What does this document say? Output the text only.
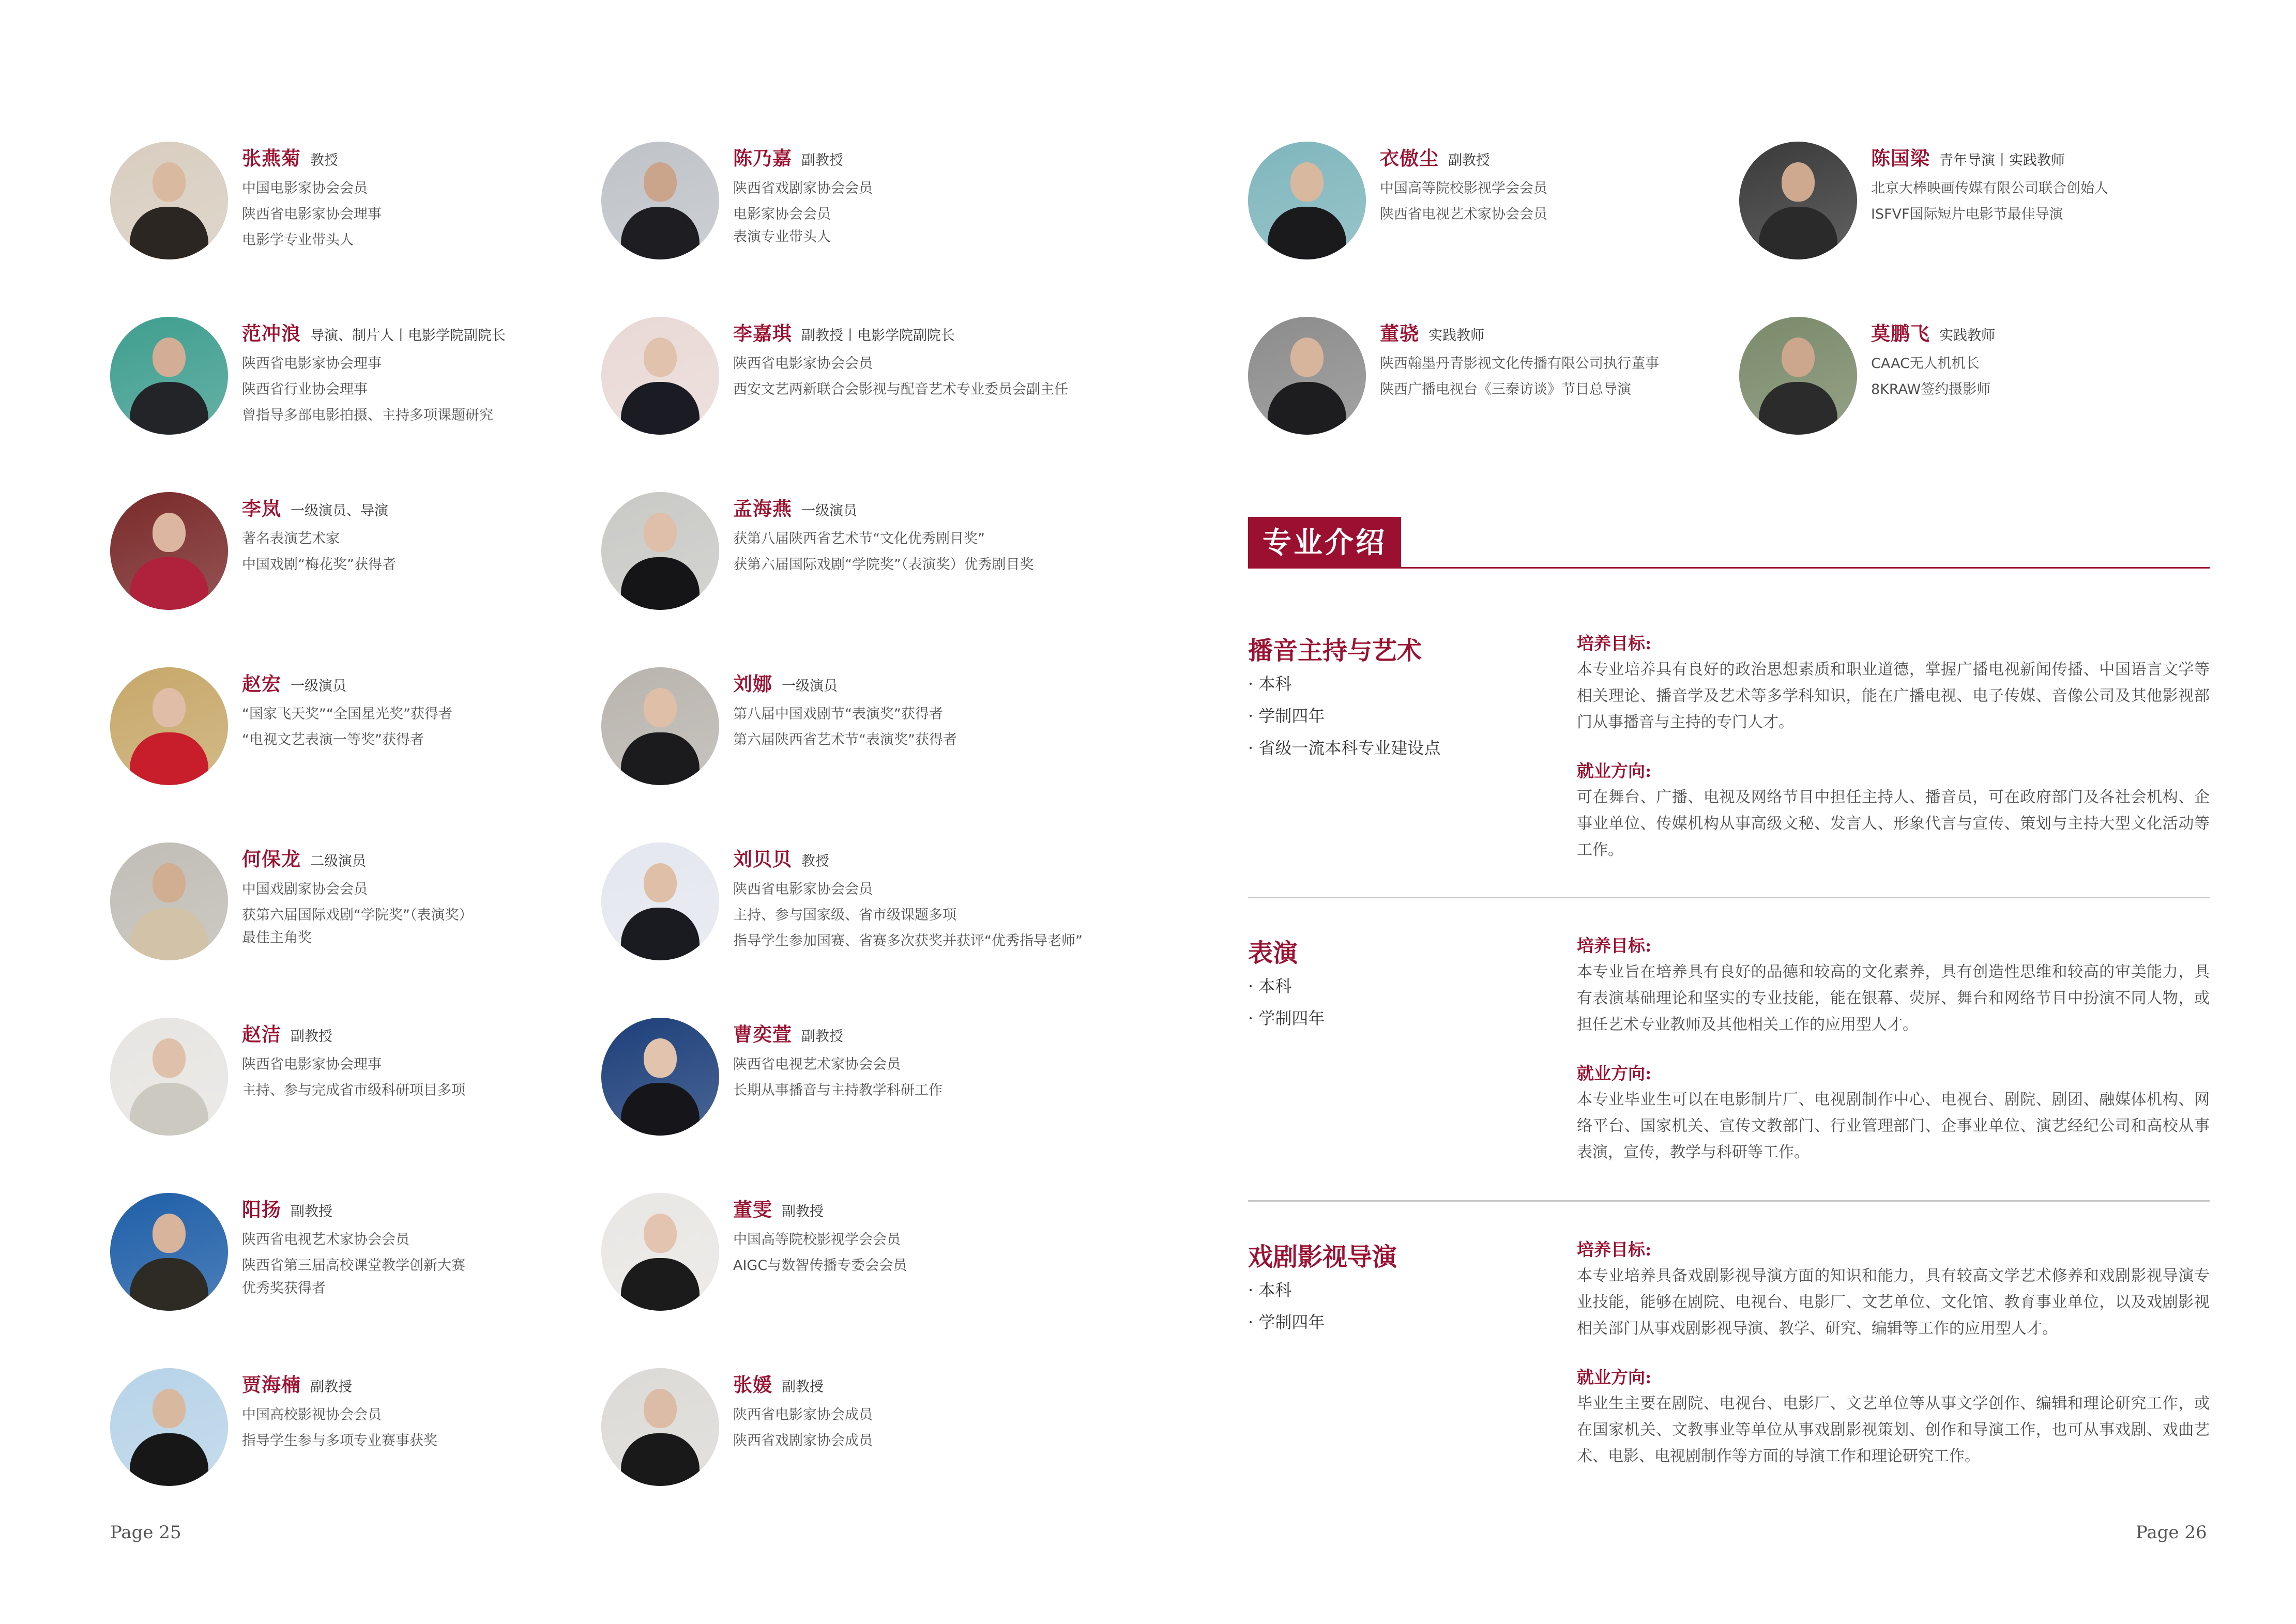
张燕菊 教授
中国电影家协会会员
陕西省电影家协会理事
电影学专业带头人
陈乃嘉 副教授
陕西省戏剧家协会会员
电影家协会会员
表演专业带头人
范冲浪 导演、制片人丨电影学院副院长
陕西省电影家协会理事
陕西省行业协会理事
曾指导多部电影拍摄、主持多项课题研究
李嘉琪 副教授丨电影学院副院长
陕西省电影家协会会员
西安文艺两新联合会影视与配音艺术专业委员会副主任
李岚 一级演员、导演
著名表演艺术家
中国戏剧“梅花奖”获得者
孟海燕 一级演员
获第八届陕西省艺术节“文化优秀剧目奖”
获第六届国际戏剧“学院奖”（表演奖）优秀剧目奖
赵宏 一级演员
“国家飞天奖”“全国星光奖”获得者
“电视文艺表演一等奖”获得者
刘娜 一级演员
第八届中国戏剧节“表演奖”获得者
第六届陕西省艺术节“表演奖”获得者
何保龙 二级演员
中国戏剧家协会会员
获第六届国际戏剧“学院奖”（表演奖）
最佳主角奖
刘贝贝 教授
陕西省电影家协会会员
主持、参与国家级、省市级课题多项
指导学生参加国赛、省赛多次获奖并获评“优秀指导老师”
赵洁 副教授
陕西省电影家协会理事
主持、参与完成省市级科研项目多项
曹奕萱 副教授
陕西省电视艺术家协会会员
长期从事播音与主持教学科研工作
阳扬 副教授
陕西省电视艺术家协会会员
陕西省第三届高校课堂教学创新大赛
优秀奖获得者
董雯 副教授
中国高等院校影视学会会员
AIGC与数智传播专委会会员
贾海楠 副教授
中国高校影视协会会员
指导学生参与多项专业赛事获奖
张媛 副教授
陕西省电影家协会成员
陕西省戏剧家协会成员
Page 25
衣傲尘 副教授
中国高等院校影视学会会员
陕西省电视艺术家协会会员
陈国梁 青年导演丨实践教师
北京大棒映画传媒有限公司联合创始人
ISFVF国际短片电影节最佳导演
董骁 实践教师
陕西翰墨丹青影视文化传播有限公司执行董事
陕西广播电视台《三秦访谈》节目总导演
莫鹏飞 实践教师
CAAC无人机机长
8KRAW签约摄影师
专业介绍
播音主持与艺术
· 本科
· 学制四年
· 省级一流本科专业建设点
培养目标:
本专业培养具有良好的政治思想素质和职业道德，掌握广播电视新闻传播、中国语言文学等相关理论、播音学及艺术等多学科知识，能在广播电视、电子传媒、音像公司及其他影视部门从事播音与主持的专门人才。
就业方向:
可在舞台、广播、电视及网络节目中担任主持人、播音员，可在政府部门及各社会机构、企事业单位、传媒机构从事高级文秘、发言人、形象代言与宣传、策划与主持大型文化活动等工作。
表演
· 本科
· 学制四年
培养目标:
本专业旨在培养具有良好的品德和较高的文化素养，具有创造性思维和较高的审美能力，具有表演基础理论和坚实的专业技能，能在银幕、荧屏、舞台和网络节目中扮演不同人物，或担任艺术专业教师及其他相关工作的应用型人才。
就业方向:
本专业毕业生可以在电影制片厂、电视剧制作中心、电视台、剧院、剧团、融媒体机构、网络平台、国家机关、宣传文教部门、行业管理部门、企事业单位、演艺经纪公司和高校从事表演，宣传，教学与科研等工作。
戏剧影视导演
· 本科
· 学制四年
培养目标:
本专业培养具备戏剧影视导演方面的知识和能力，具有较高文学艺术修养和戏剧影视导演专业技能，能够在剧院、电视台、电影厂、文艺单位、文化馆、教育事业单位，以及戏剧影视相关部门从事戏剧影视导演、教学、研究、编辑等工作的应用型人才。
就业方向:
毕业生主要在剧院、电视台、电影厂、文艺单位等从事文学创作、编辑和理论研究工作，或在国家机关、文教事业等单位从事戏剧影视策划、创作和导演工作，也可从事戏剧、戏曲艺术、电影、电视剧制作等方面的导演工作和理论研究工作。
Page 26
